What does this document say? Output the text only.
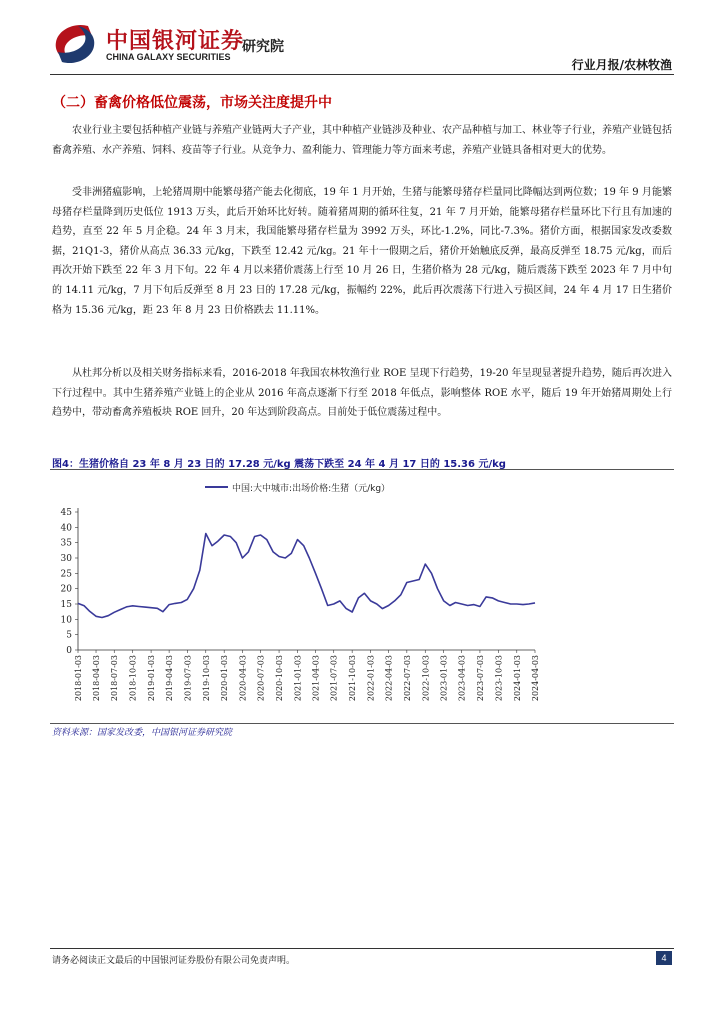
中国银河证券
CHINA GALAXY SECURITIES
研究院
行业月报/农林牧渔
（二）畜禽价格低位震荡，市场关注度提升中

农业行业主要包括种植产业链与养殖产业链两大子产业，其中种植产业链涉及种业、农产品种植与加工、林业等子行业，养殖产业链包括畜禽养殖、水产养殖、饲料、疫苗等子行业。从竞争力、盈利能力、管理能力等方面来考虑，养殖产业链具备相对更大的优势。

受非洲猪瘟影响，上轮猪周期中能繁母猪产能去化彻底，19 年 1 月开始，生猪与能繁母猪存栏量同比降幅达到两位数；19 年 9 月能繁母猪存栏量降到历史低位 1913 万头，此后开始环比好转。随着猪周期的循环往复，21 年 7 月开始，能繁母猪存栏量环比下行且有加速的趋势，直至 22 年 5 月企稳。24 年 3 月末，我国能繁母猪存栏量为 3992 万头，环比-1.2%，同比-7.3%。猪价方面，根据国家发改委数据，21Q1-3，猪价从高点 36.33 元/kg，下跌至 12.42 元/kg。21 年十一假期之后，猪价开始触底反弹，最高反弹至 18.75 元/kg，而后再次开始下跌至 22 年 3 月下旬。22 年 4 月以来猪价震荡上行至 10 月 26 日，生猪价格为 28 元/kg，随后震荡下跌至 2023 年 7 月中旬的 14.11 元/kg，7 月下旬后反弹至 8 月 23 日的 17.28 元/kg，振幅约 22%，此后再次震荡下行进入亏损区间，24 年 4 月 17 日生猪价格为 15.36 元/kg，距 23 年 8 月 23 日价格跌去 11.11%。

从杜邦分析以及相关财务指标来看，2016-2018 年我国农林牧渔行业 ROE 呈现下行趋势，19-20 年呈现显著提升趋势，随后再次进入下行过程中。其中生猪养殖产业链上的企业从 2016 年高点逐渐下行至 2018 年低点，影响整体 ROE 水平，随后 19 年开始猪周期处上行趋势中，带动畜禽养殖板块 ROE 回升，20 年达到阶段高点。目前处于低位震荡过程中。

图4：生猪价格自 23 年 8 月 23 日的 17.28 元/kg 震荡下跌至 24 年 4 月 17 日的 15.36 元/kg
中国:大中城市:出场价格:生猪（元/kg）
0
5
10
15
20
25
30
35
40
45
2018-01-03 2018-04-03 2018-07-03 2018-10-03 2019-01-03 2019-04-03 2019-07-03 2019-10-03 2020-01-03 2020-04-03 2020-07-03 2020-10-03 2021-01-03 2021-04-03 2021-07-03 2021-10-03 2022-01-03 2022-04-03 2022-07-03 2022-10-03 2023-01-03 2023-04-03 2023-07-03 2023-10-03 2024-01-03 2024-04-03
资料来源：国家发改委，中国银河证券研究院
请务必阅读正文最后的中国银河证券股份有限公司免责声明。	4
